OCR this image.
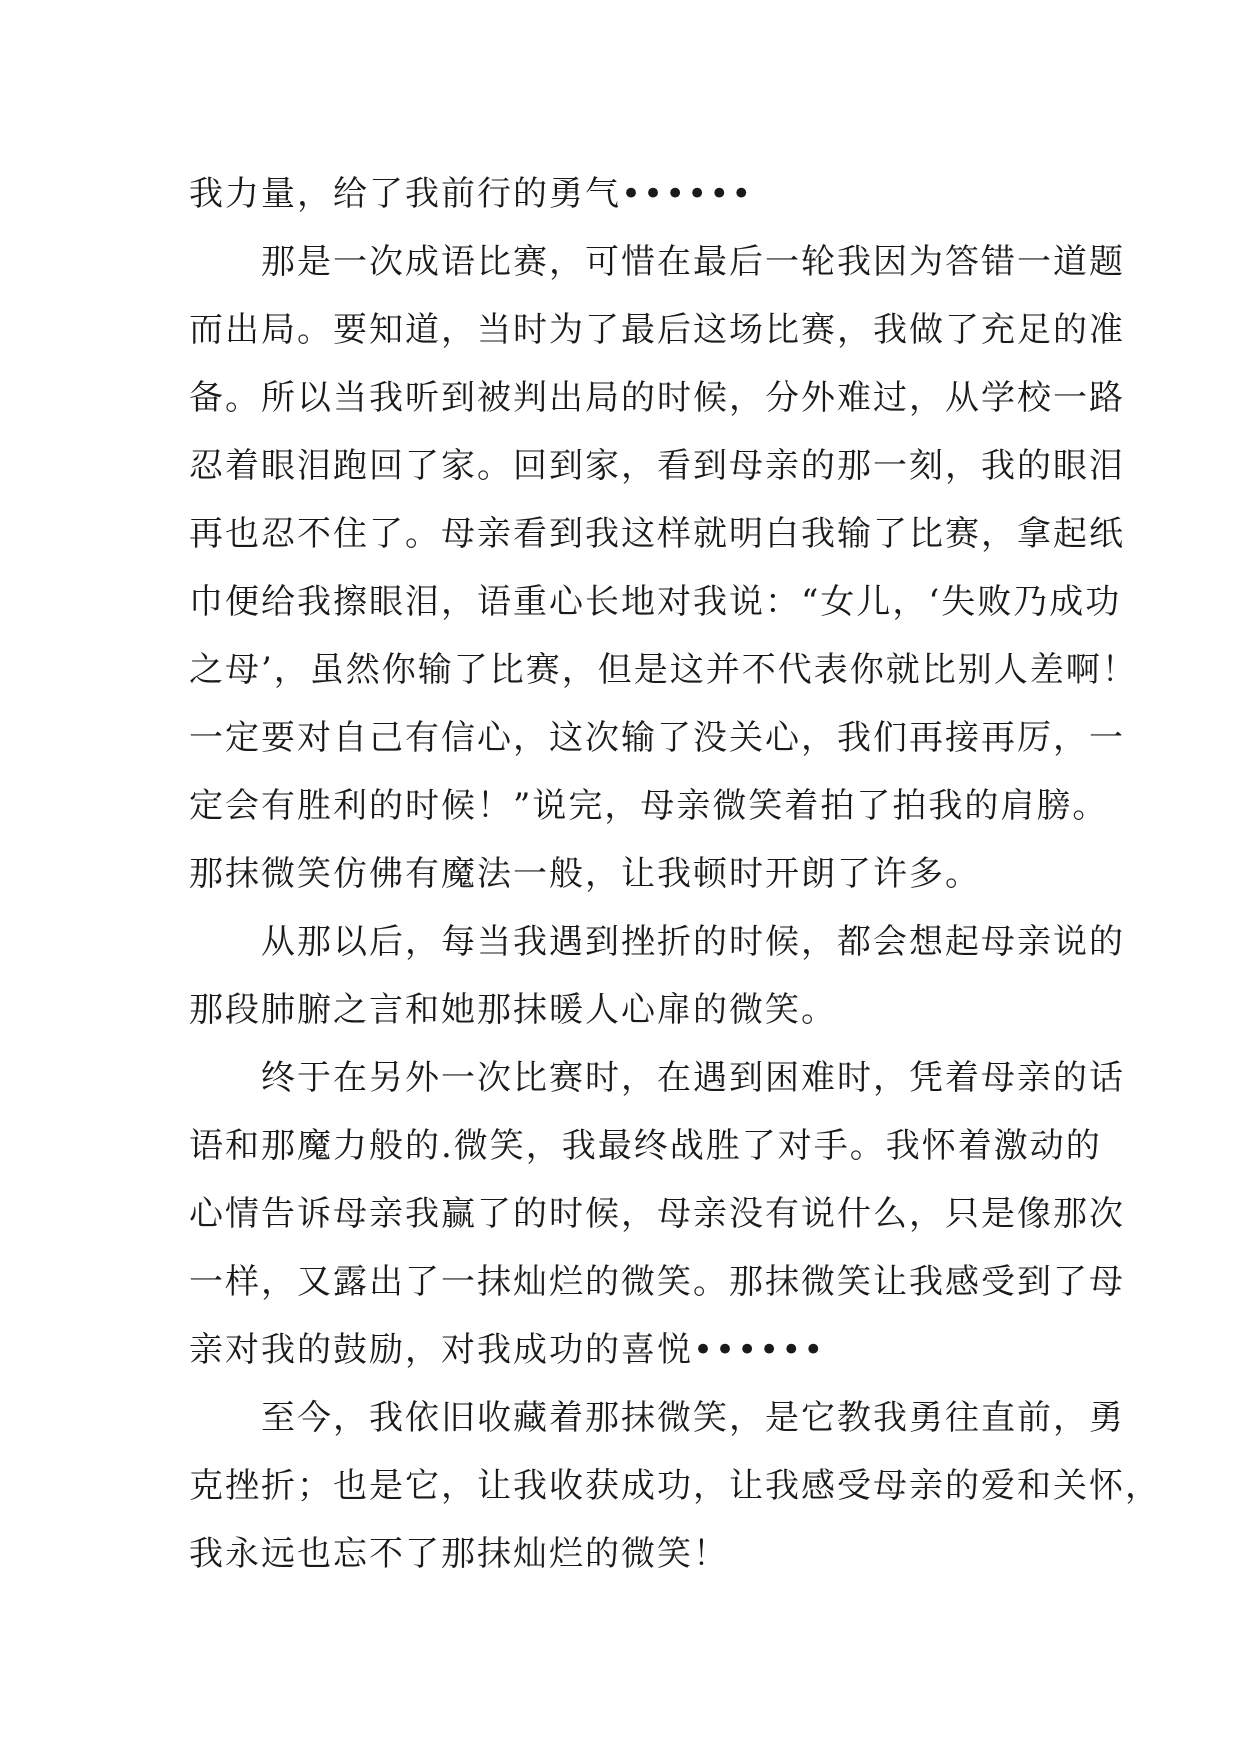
我力量，给了我前行的勇气••••••
　　那是一次成语比赛，可惜在最后一轮我因为答错一道题
而出局。要知道，当时为了最后这场比赛，我做了充足的准
备。所以当我听到被判出局的时候，分外难过，从学校一路
忍着眼泪跑回了家。回到家，看到母亲的那一刻，我的眼泪
再也忍不住了。母亲看到我这样就明白我输了比赛，拿起纸
巾便给我擦眼泪，语重心长地对我说：“女儿，‘失败乃成功
之母’，虽然你输了比赛，但是这并不代表你就比别人差啊！
一定要对自己有信心，这次输了没关心，我们再接再厉，一
定会有胜利的时候！”说完，母亲微笑着拍了拍我的肩膀。
那抹微笑仿佛有魔法一般，让我顿时开朗了许多。
　　从那以后，每当我遇到挫折的时候，都会想起母亲说的
那段肺腑之言和她那抹暖人心扉的微笑。
　　终于在另外一次比赛时，在遇到困难时，凭着母亲的话
语和那魔力般的.微笑，我最终战胜了对手。我怀着激动的
心情告诉母亲我赢了的时候，母亲没有说什么，只是像那次
一样，又露出了一抹灿烂的微笑。那抹微笑让我感受到了母
亲对我的鼓励，对我成功的喜悦••••••
　　至今，我依旧收藏着那抹微笑，是它教我勇往直前，勇
克挫折；也是它，让我收获成功，让我感受母亲的爱和关怀，
我永远也忘不了那抹灿烂的微笑！
